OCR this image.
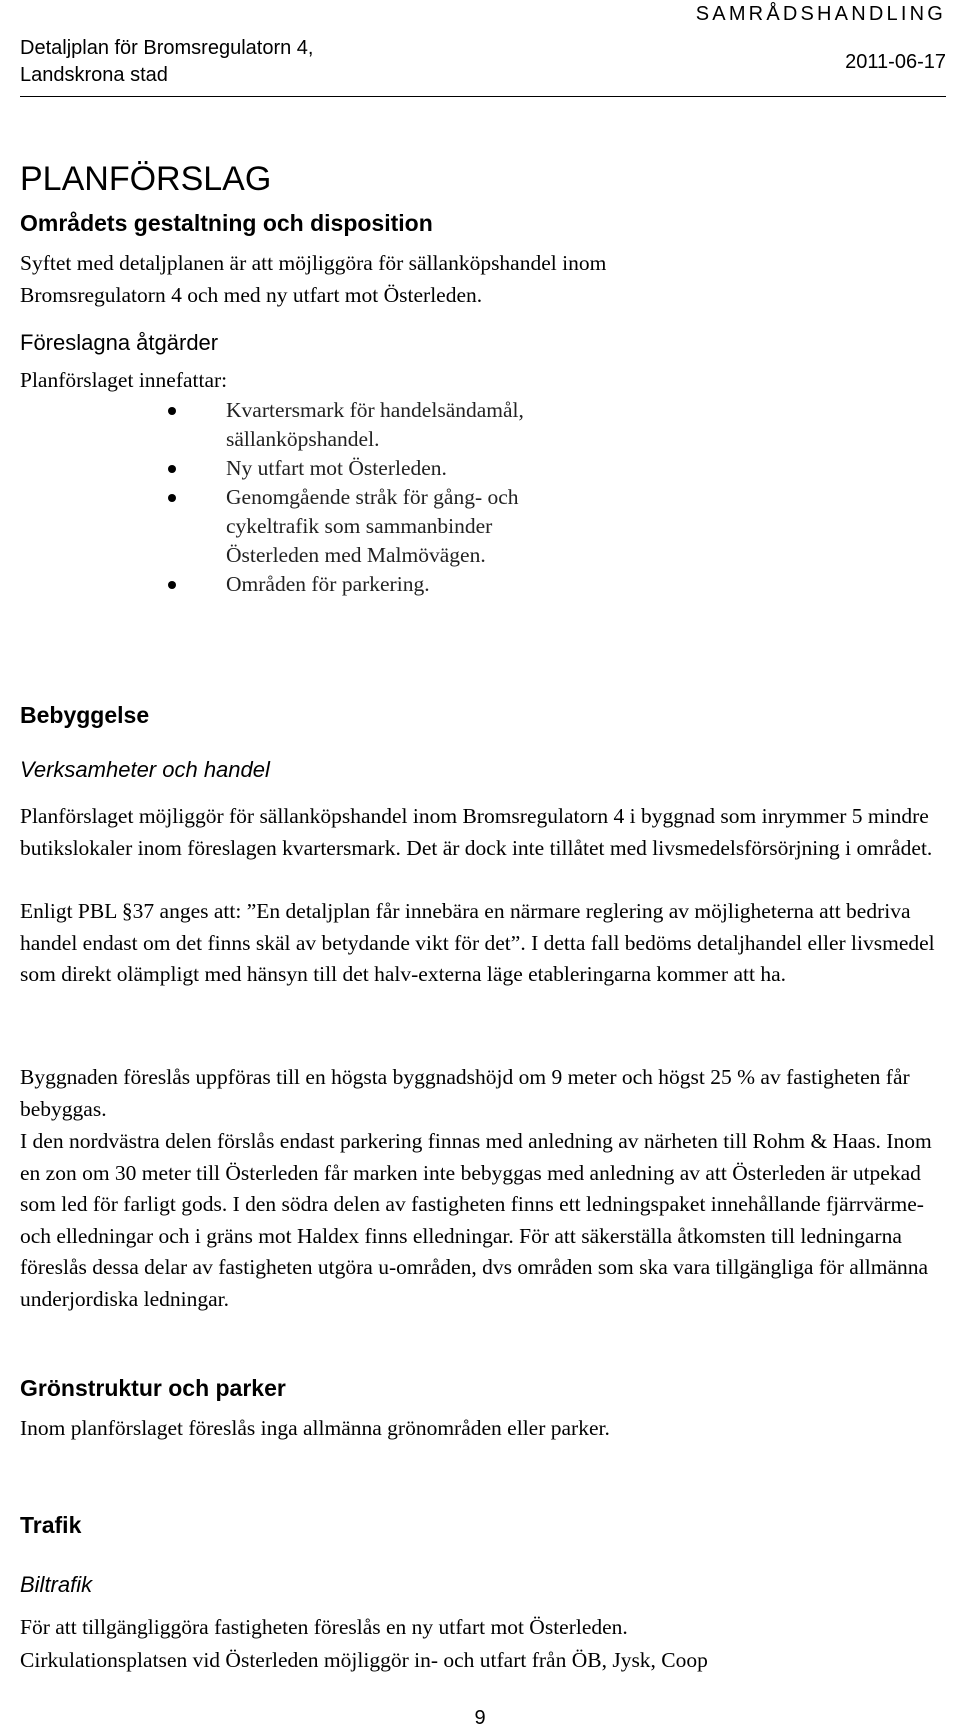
Detaljplan för Bromsregulatorn 4,
Landskrona stad
SAMRÅDSHANDLING
2011-06-17
PLANFÖRSLAG
Områdets gestaltning och disposition

Syftet med detaljplanen är att möjliggöra för sällanköpshandel inom Bromsregulatorn 4 och med ny utfart mot Österleden.

Föreslagna åtgärder

Planförslaget innefattar:

Kvartersmark för handelsändamål, sällanköpshandel.
Ny utfart mot Österleden.
Genomgående stråk för gång- och cykeltrafik som sammanbinder Österleden med Malmövägen.
Områden för parkering.
Bebyggelse
Verksamheter och handel

Planförslaget möjliggör för sällanköpshandel inom Bromsregulatorn 4 i byggnad som inrymmer 5 mindre butikslokaler inom föreslagen kvartersmark. Det är dock inte tillåtet med livsmedelsförsörjning i området.

Enligt PBL §37 anges att: ”En detaljplan får innebära en närmare reglering av möjligheterna att bedriva handel endast om det finns skäl av betydande vikt för det”. I detta fall bedöms detaljhandel eller livsmedel som direkt olämpligt med hänsyn till det halv-externa läge etableringarna kommer att ha.

Byggnaden föreslås uppföras till en högsta byggnadshöjd om 9 meter och högst 25 % av fastigheten får bebyggas.

I den nordvästra delen förslås endast parkering finnas med anledning av närheten till Rohm & Haas. Inom en zon om 30 meter till Österleden får marken inte bebyggas med anledning av att Österleden är utpekad som led för farligt gods. I den södra delen av fastigheten finns ett ledningspaket innehållande fjärrvärme- och elledningar och i gräns mot Haldex finns elledningar. För att säkerställa åtkomsten till ledningarna föreslås dessa delar av fastigheten utgöra u-områden, dvs områden som ska vara tillgängliga för allmänna underjordiska ledningar.

Grönstruktur och parker

Inom planförslaget föreslås inga allmänna grönområden eller parker.

Trafik
Biltrafik

För att tillgängliggöra fastigheten föreslås en ny utfart mot Österleden.

Cirkulationsplatsen vid Österleden möjliggör in- och utfart från ÖB, Jysk, Coop

9
